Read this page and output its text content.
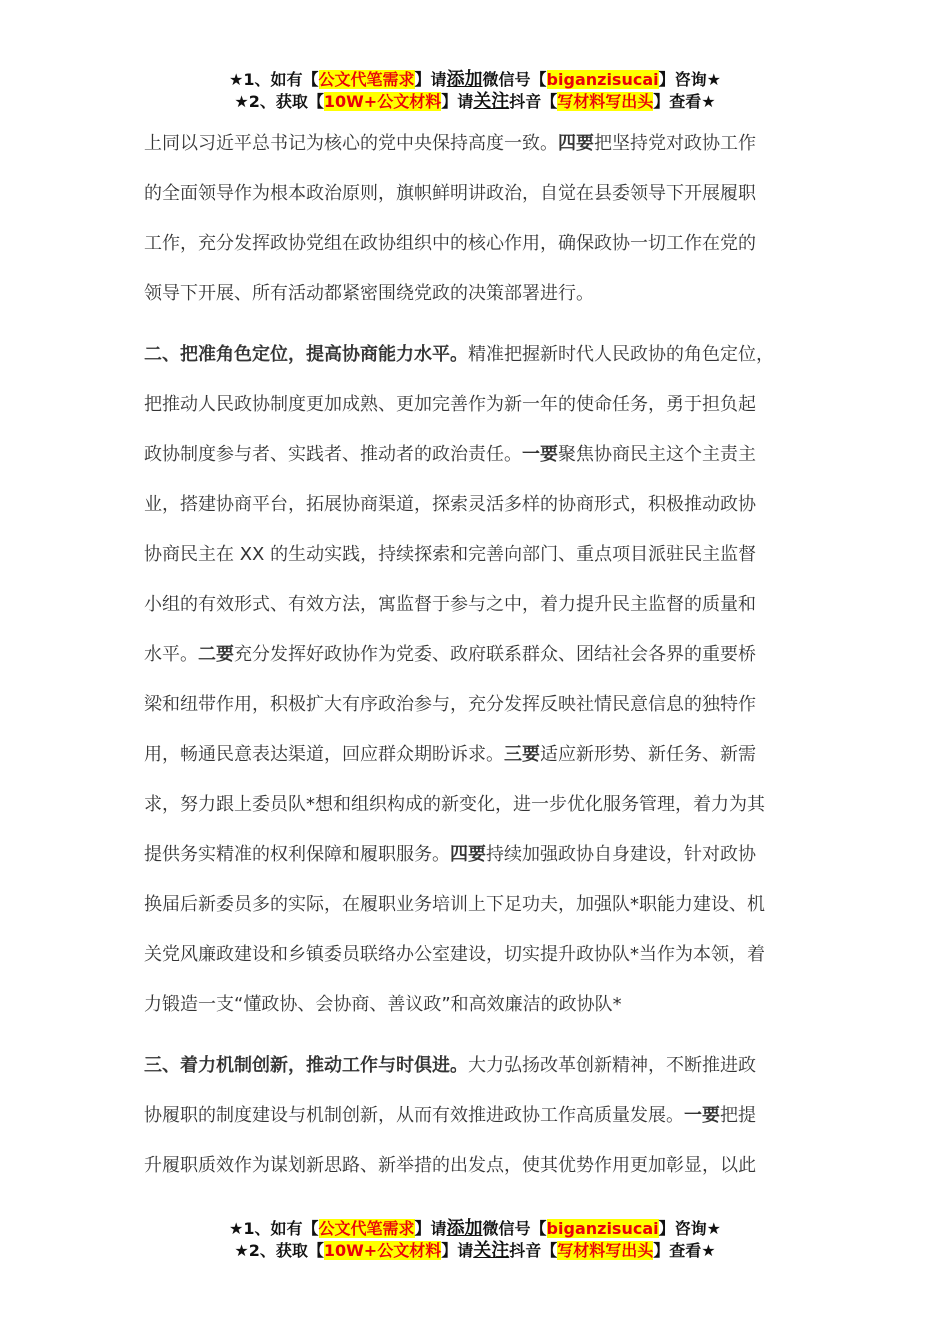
★1、如有【公文代笔需求】请添加微信号【biganzisucai】咨询★
★2、获取【10W+公文材料】请关注抖音【写材料写出头】查看★

上同以习近平总书记为核心的党中央保持高度一致。四要把坚持党对政协工作
的全面领导作为根本政治原则，旗帜鲜明讲政治，自觉在县委领导下开展履职
工作，充分发挥政协党组在政协组织中的核心作用，确保政协一切工作在党的
领导下开展、所有活动都紧密围绕党政的决策部署进行。

二、把准角色定位，提高协商能力水平。精准把握新时代人民政协的角色定位，
把推动人民政协制度更加成熟、更加完善作为新一年的使命任务，勇于担负起
政协制度参与者、实践者、推动者的政治责任。一要聚焦协商民主这个主责主
业，搭建协商平台，拓展协商渠道，探索灵活多样的协商形式，积极推动政协
协商民主在 XX 的生动实践，持续探索和完善向部门、重点项目派驻民主监督
小组的有效形式、有效方法，寓监督于参与之中，着力提升民主监督的质量和
水平。二要充分发挥好政协作为党委、政府联系群众、团结社会各界的重要桥
梁和纽带作用，积极扩大有序政治参与，充分发挥反映社情民意信息的独特作
用，畅通民意表达渠道，回应群众期盼诉求。三要适应新形势、新任务、新需
求，努力跟上委员队*想和组织构成的新变化，进一步优化服务管理，着力为其
提供务实精准的权利保障和履职服务。四要持续加强政协自身建设，针对政协
换届后新委员多的实际，在履职业务培训上下足功夫，加强队*职能力建设、机
关党风廉政建设和乡镇委员联络办公室建设，切实提升政协队*当作为本领，着
力锻造一支“懂政协、会协商、善议政”和高效廉洁的政协队*

三、着力机制创新，推动工作与时俱进。大力弘扬改革创新精神，不断推进政
协履职的制度建设与机制创新，从而有效推进政协工作高质量发展。一要把提
升履职质效作为谋划新思路、新举措的出发点，使其优势作用更加彰显，以此

★1、如有【公文代笔需求】请添加微信号【biganzisucai】咨询★
★2、获取【10W+公文材料】请关注抖音【写材料写出头】查看★
